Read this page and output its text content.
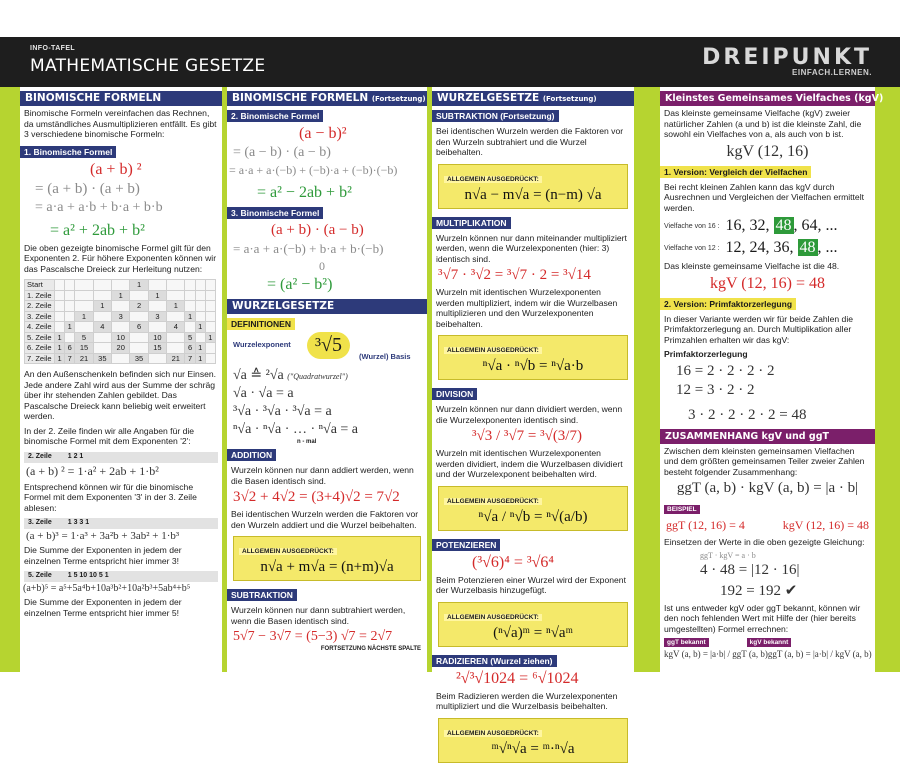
INFO-TAFEL
MATHEMATISCHE GESETZE	DREIPUNKT
EINFACH.LERNEN.
BINOMISCHE FORMELN
Binomische Formeln vereinfachen das Rechnen, da umständliches Ausmultiplizieren entfällt. Es gibt 3 verschiedene binomische Formeln:
1. Binomische Formel
(a + b) ²
= (a + b) · (a + b)
= a·a + a·b + b·a + b·b
= a² + 2ab + b²
Die oben gezeigte binomische Formel gilt für den Exponenten 2. Für höhere Exponenten können wir das Pascalsche Dreieck zur Herleitung nutzen:
Start						1					
1. Zeile					1		1				
2. Zeile				1		2		1			
3. Zeile			1		3		3		1		
4. Zeile		1		4		6		4		1	
5. Zeile	1		5		10		10		5		1
6. Zeile	1	6	15		20		15		6	1	
7. Zeile	1	7	21	35		35		21	7	1	
An den Außenschenkeln befinden sich nur Einsen. Jede andere Zahl wird aus der Summe der schräg über ihr stehenden Zahlen gebildet. Das Pascalsche Dreieck kann beliebig weit erweitert werden.
In der 2. Zeile finden wir alle Angaben für die binomische Formel mit dem Exponenten '2':
2. Zeile 1 2 1
(a + b) ² = 1·a² + 2ab + 1·b²
Entsprechend können wir für die binomische Formel mit dem Exponenten '3' in der 3. Zeile ablesen:
3. Zeile 1 3 3 1
(a + b)³ = 1·a³ + 3a²b + 3ab² + 1·b³
Die Summe der Exponenten in jedem der einzelnen Terme entspricht hier immer 3!
5. Zeile 1 5 10 10 5 1
(a+b)⁵ = a⁵+5a⁴b+10a³b²+10a²b³+5ab⁴+b⁵
Die Summe der Exponenten in jedem der einzelnen Terme entspricht hier immer 5!
BINOMISCHE FORMELN (Fortsetzung)
2. Binomische Formel
(a − b)²
= (a − b) · (a − b)
= a·a + a·(−b) + (−b)·a + (−b)·(−b)
= a² − 2ab + b²
3. Binomische Formel
(a + b) · (a − b)
= a·a + a·(−b) + b·a + b·(−b)
0
= (a² − b²)
WURZELGESETZE
DEFINITIONEN
Wurzelexponent	³√5
(Wurzel) Basis
√a ≙ ²√a ("Quadratwurzel")
√a · √a = a
³√a · ³√a · ³√a = a
ⁿ√a · ⁿ√a · … · ⁿ√a = a
n - mal
ADDITION
Wurzeln können nur dann addiert werden, wenn die Basen identisch sind.
3√2 + 4√2 = (3+4)√2 = 7√2
Bei identischen Wurzeln werden die Faktoren vor den Wurzeln addiert und die Wurzel beibehalten.
ALLGEMEIN AUSGEDRÜCKT:
n√a + m√a = (n+m)√a
SUBTRAKTION
Wurzeln können nur dann subtrahiert werden, wenn die Basen identisch sind.
5√7 − 3√7 = (5−3) √7 = 2√7
FORTSETZUNG NÄCHSTE SPALTE
WURZELGESETZE (Fortsetzung)
SUBTRAKTION (Fortsetzung)
Bei identischen Wurzeln werden die Faktoren vor den Wurzeln subtrahiert und die Wurzel beibehalten.
ALLGEMEIN AUSGEDRÜCKT:
n√a − m√a = (n−m) √a
MULTIPLIKATION
Wurzeln können nur dann miteinander multipliziert werden, wenn die Wurzelexponenten (hier: 3) identisch sind.
³√7 · ³√2 = ³√7 · 2 = ³√14
Wurzeln mit identischen Wurzelexponenten werden multipliziert, indem wir die Wurzelbasen multiplizieren und den Wurzelexponenten beibehalten.
ALLGEMEIN AUSGEDRÜCKT:
ⁿ√a · ⁿ√b = ⁿ√a·b
DIVISION
Wurzeln können nur dann dividiert werden, wenn die Wurzelexponenten identisch sind.
³√3 / ³√7 = ³√(3/7)
Wurzeln mit identischen Wurzelexponenten werden dividiert, indem die Wurzelbasen dividiert und der Wurzelexponent beibehalten wird.
ALLGEMEIN AUSGEDRÜCKT:
ⁿ√a / ⁿ√b = ⁿ√(a/b)
POTENZIEREN
(³√6)⁴ = ³√6⁴
Beim Potenzieren einer Wurzel wird der Exponent der Wurzelbasis hinzugefügt.
ALLGEMEIN AUSGEDRÜCKT:
(ⁿ√a)ᵐ = ⁿ√aᵐ
RADIZIEREN (Wurzel ziehen)
²√³√1024 = ⁶√1024
Beim Radizieren werden die Wurzelexponenten multipliziert und die Wurzelbasis beibehalten.
ALLGEMEIN AUSGEDRÜCKT:
ᵐ√ⁿ√a = ᵐ·ⁿ√a
Kleinstes Gemeinsames Vielfaches (kgV)
Das kleinste gemeinsame Vielfache (kgV) zweier natürlicher Zahlen (a und b) ist die kleinste Zahl, die sowohl ein Vielfaches von a, als auch von b ist.
kgV (12, 16)
1. Version: Vergleich der Vielfachen
Bei recht kleinen Zahlen kann das kgV durch Ausrechnen und Vergleichen der Vielfachen ermittelt werden.
Vielfache von 16 : 16, 32, 48 , 64, ...
Vielfache von 12 : 12, 24, 36, 48 , ...
Das kleinste gemeinsame Vielfache ist die 48.
kgV (12, 16) = 48
2. Version: Primfaktorzerlegung
In dieser Variante werden wir für beide Zahlen die Primfaktorzerlegung an. Durch Multiplikation aller Primzahlen erhalten wir das kgV:
Primfaktorzerlegung
16 = 2 · 2 · 2 · 2
12 = 3 · 2 · 2
3 · 2 · 2 · 2 · 2 = 48
ZUSAMMENHANG kgV und ggT
Zwischen dem kleinsten gemeinsamen Vielfachen und dem größten gemeinsamen Teiler zweier Zahlen besteht folgender Zusammenhang:
ggT (a, b) · kgV (a, b) = |a · b|
BEISPIEL
ggT (12, 16) = 4	kgV (12, 16) = 48
Einsetzen der Werte in die oben gezeigte Gleichung:
ggT · kgV = a · b
4 · 48 = |12 · 16|
192 = 192 ✔
Ist uns entweder kgV oder ggT bekannt, können wir den noch fehlenden Wert mit Hilfe der (hier bereits umgestellten) Formel errechnen:
ggT bekannt	kgV bekannt
kgV (a, b) = |a·b| / ggT (a, b) ggT (a, b) = |a·b| / kgV (a, b)
